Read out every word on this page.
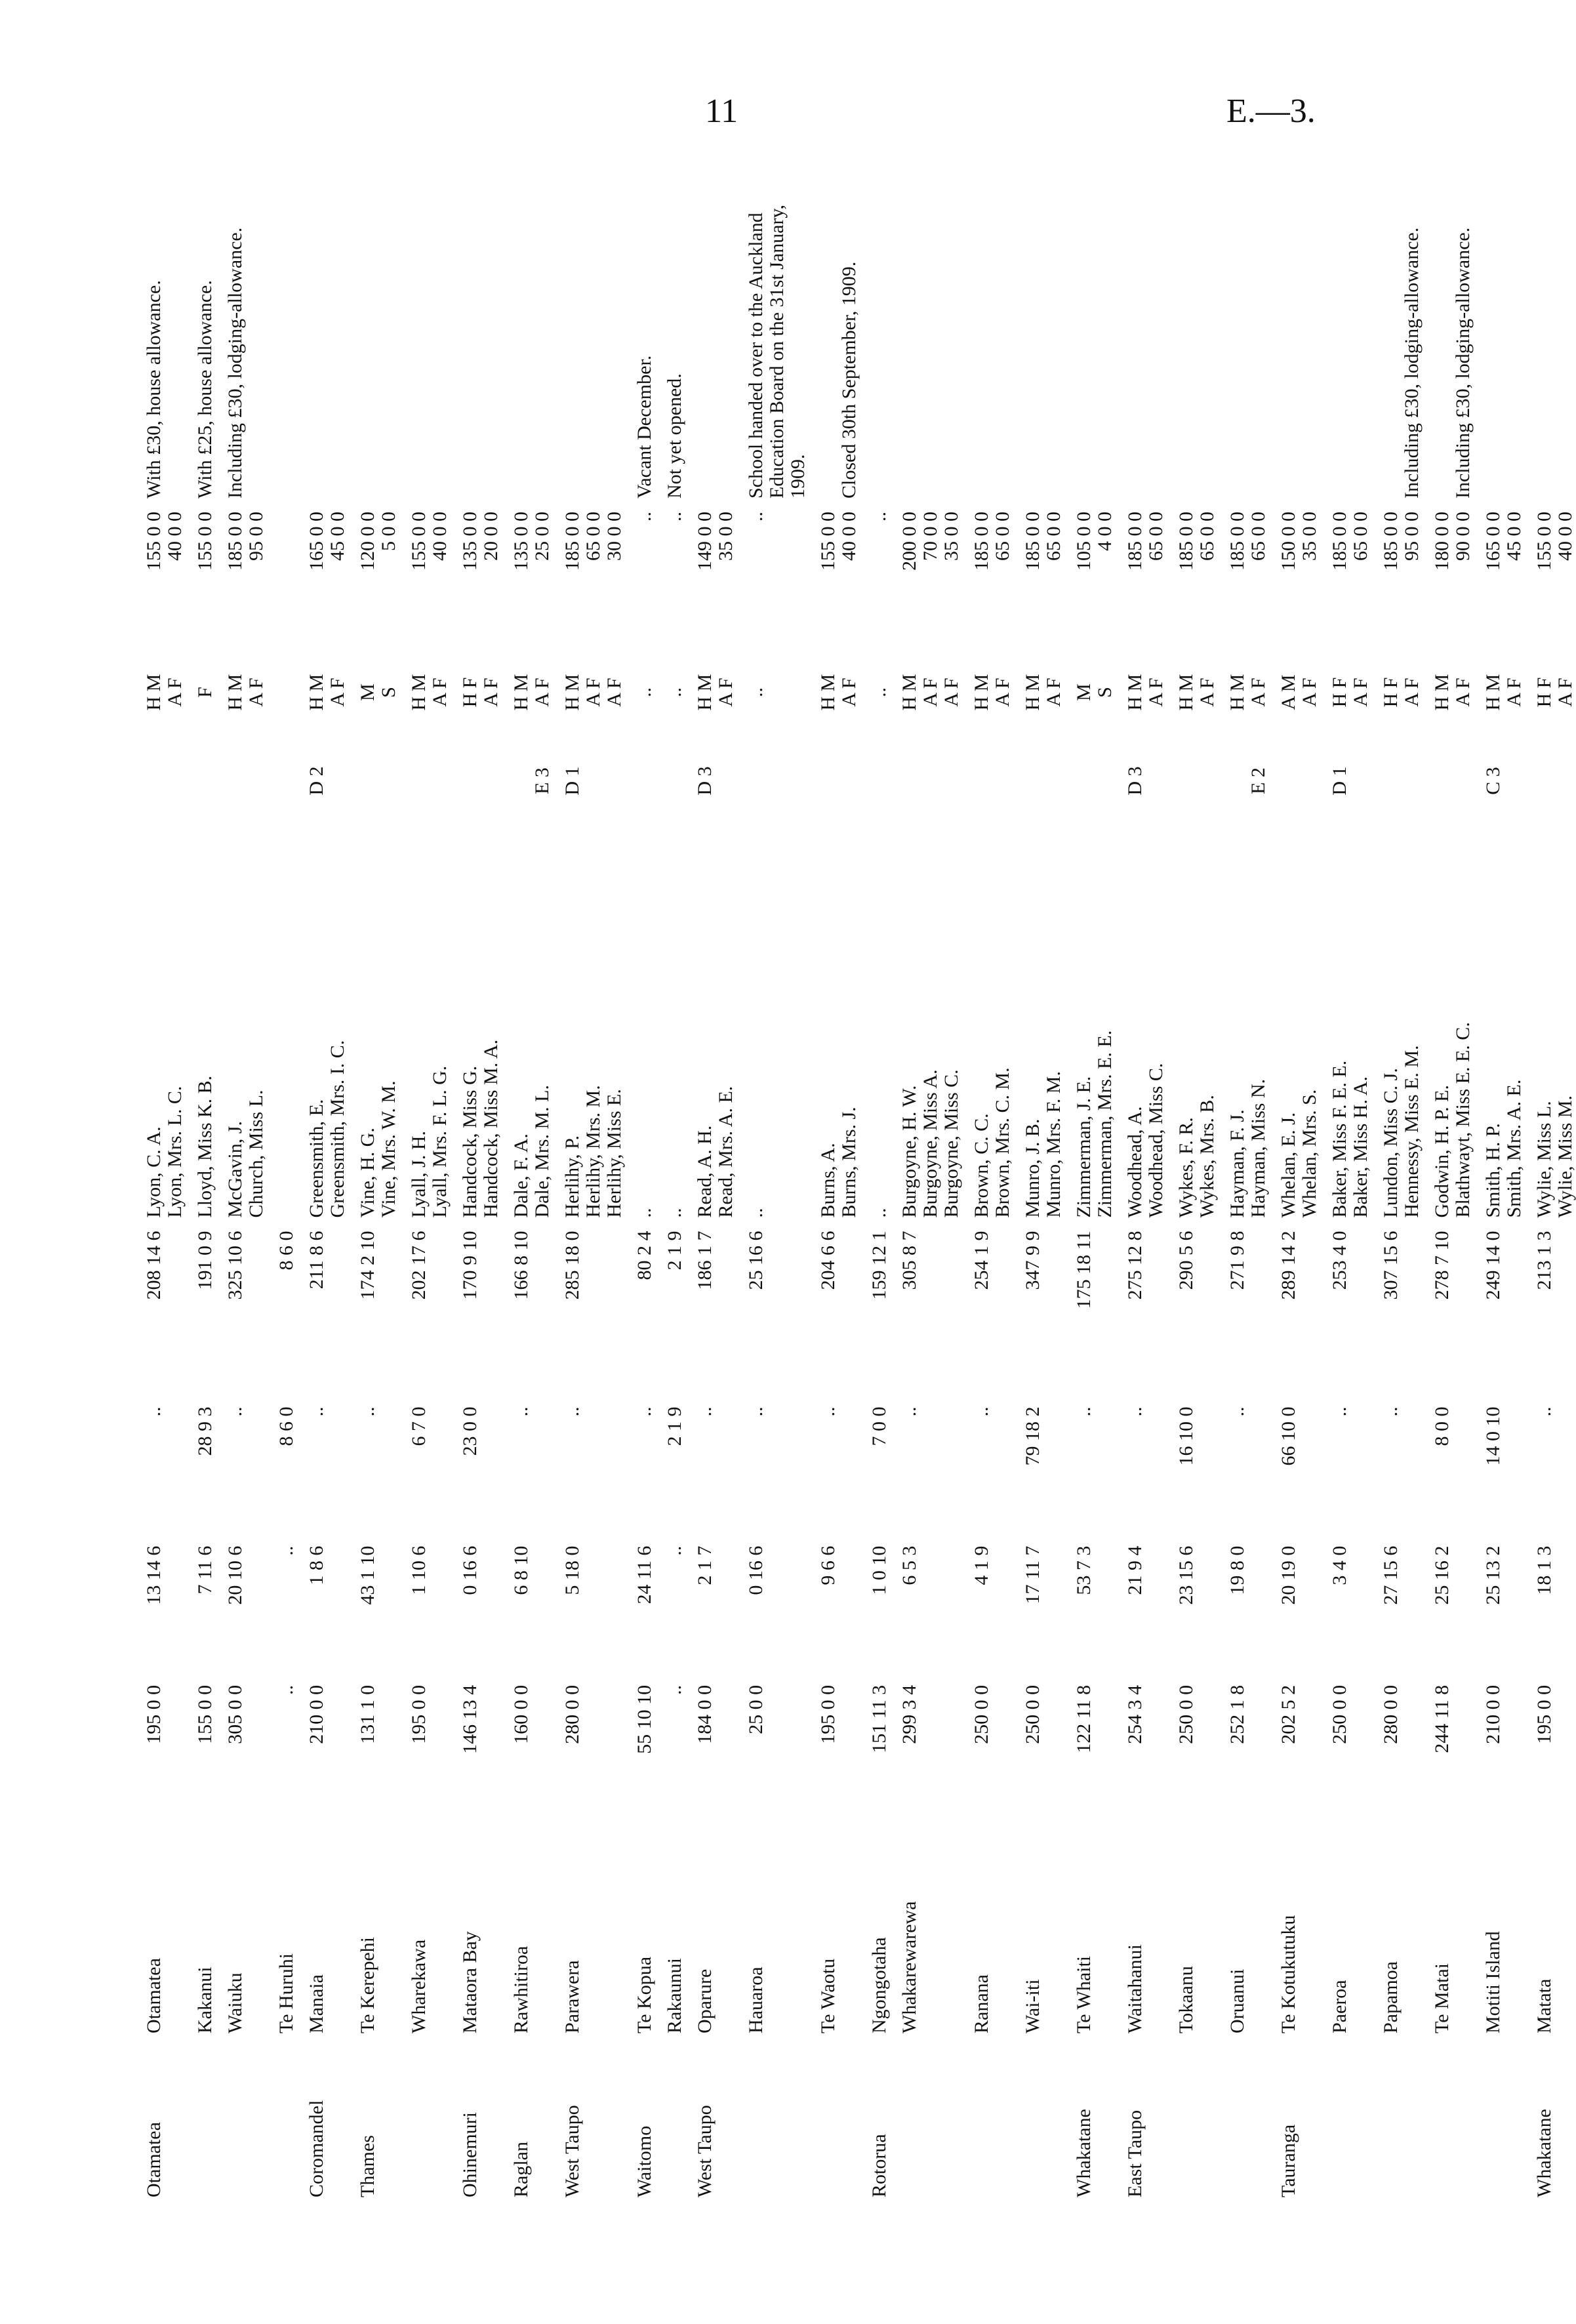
11	E.—3.
Otamatea	Otamatea	195 0 0	13 14 6	..	208 14 6	Lyon, C. A.		H M	155 0 0	With £30, house allowance.
						Lyon, Mrs. L. C.		A F	40 0 0	
	Kakanui	155 0 0	7 11 6	28 9 3	191 0 9	Lloyd, Miss K. B.		F	155 0 0	With £25, house allowance.
	Waiuku	305 0 0	20 10 6	..	325 10 6	McGavin, J.		H M	185 0 0	Including £30, lodging-allowance.
						Church, Miss L.		A F	95 0 0	
	Te Huruhi	..	..	8 6 0	8 6 0					
Coromandel	Manaia	210 0 0	1 8 6	..	211 8 6	Greensmith, E.	D 2	H M	165 0 0	
						Greensmith, Mrs. I. C.		A F	45 0 0	
Thames	Te Kerepehi	131 1 0	43 1 10	..	174 2 10	Vine, H. G.		M	120 0 0	
						Vine, Mrs. W. M.		S	5 0 0	
	Wharekawa	195 0 0	1 10 6	6 7 0	202 17 6	Lyall, J. H.		H M	155 0 0	
						Lyall, Mrs. F. L. G.		A F	40 0 0	
Ohinemuri	Mataora Bay	146 13 4	0 16 6	23 0 0	170 9 10	Handcock, Miss G.		H F	135 0 0	
						Handcock, Miss M. A.		A F	20 0 0	
Raglan	Rawhitiroa	160 0 0	6 8 10	..	166 8 10	Dale, F. A.		H M	135 0 0	
						Dale, Mrs. M. L.	E 3	A F	25 0 0	
West Taupo	Parawera	280 0 0	5 18 0	..	285 18 0	Herlihy, P.	D 1	H M	185 0 0	
						Herlihy, Mrs. M.		A F	65 0 0	
						Herlihy, Miss E.		A F	30 0 0	
Waitomo	Te Kopua	55 10 10	24 11 6	..	80 2 4	..		..	..	Vacant December.
	Rakaunui	..	..	2 1 9	2 1 9	..		..	..	Not yet opened.
West Taupo	Oparure	184 0 0	2 1 7	..	186 1 7	Read, A. H.	D 3	H M	149 0 0	
						Read, Mrs. A. E.		A F	35 0 0	
	Hauaroa	25 0 0	0 16 6	..	25 16 6	..		..	..	School handed over to the Auckland Education Board on the 31st January, 1909.
	Te Waotu	195 0 0	9 6 6	..	204 6 6	Burns, A.		H M	155 0 0	
						Burns, Mrs. J.		A F	40 0 0	Closed 30th September, 1909.
Rotorua	Ngongotaha	151 11 3	1 0 10	7 0 0	159 12 1	..		..	..	
	Whakarewarewa	299 3 4	6 5 3	..	305 8 7	Burgoyne, H. W.		H M	200 0 0	
						Burgoyne, Miss A.		A F	70 0 0	
						Burgoyne, Miss C.		A F	35 0 0	
	Ranana	250 0 0	4 1 9	..	254 1 9	Brown, C. C.		H M	185 0 0	
						Brown, Mrs. C. M.		A F	65 0 0	
	Wai-iti	250 0 0	17 11 7	79 18 2	347 9 9	Munro, J. B.		H M	185 0 0	
						Munro, Mrs. F. M.		A F	65 0 0	
Whakatane	Te Whaiti	122 11 8	53 7 3	..	175 18 11	Zimmerman, J. E.		M	105 0 0	
						Zimmerman, Mrs. E. E.		S	4 0 0	
East Taupo	Waitahanui	254 3 4	21 9 4	..	275 12 8	Woodhead, A.	D 3	H M	185 0 0	
						Woodhead, Miss C.		A F	65 0 0	
	Tokaanu	250 0 0	23 15 6	16 10 0	290 5 6	Wykes, F. R.		H M	185 0 0	
						Wykes, Mrs. B.		A F	65 0 0	
	Oruanui	252 1 8	19 8 0	..	271 9 8	Hayman, F. J.		H M	185 0 0	
						Hayman, Miss N.	E 2	A F	65 0 0	
Tauranga	Te Kotukutuku	202 5 2	20 19 0	66 10 0	289 14 2	Whelan, E. J.		A M	150 0 0	
						Whelan, Mrs. S.		A F	35 0 0	
	Paeroa	250 0 0	3 4 0	..	253 4 0	Baker, Miss F. E. E.	D 1	H F	185 0 0	
						Baker, Miss H. A.		A F	65 0 0	
	Papamoa	280 0 0	27 15 6	..	307 15 6	Lundon, Miss C. J.		H F	185 0 0	
						Hennessy, Miss E. M.		A F	95 0 0	Including £30, lodging-allowance.
	Te Matai	244 11 8	25 16 2	8 0 0	278 7 10	Godwin, H. P. E.		H M	180 0 0	
						Blathwayt, Miss E. E. C.		A F	90 0 0	Including £30, lodging-allowance.
	Motiti Island	210 0 0	25 13 2	14 0 10	249 14 0	Smith, H. P.	C 3	H M	165 0 0	
						Smith, Mrs. A. E.		A F	45 0 0	
Whakatane	Matata	195 0 0	18 1 3	..	213 1 3	Wylie, Miss L.		H F	155 0 0	
						Wylie, Miss M.		A F	40 0 0	
